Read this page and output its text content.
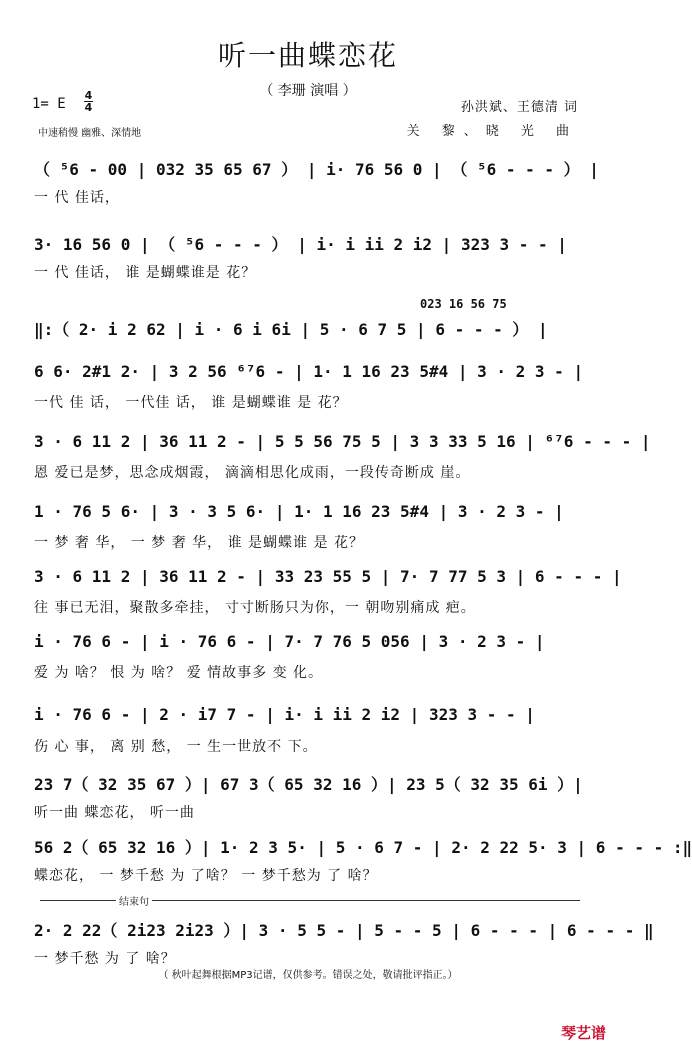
听一曲蝶恋花
（ 李珊 演唱 ）
1= E
4
4
中速稍慢 幽雅、深情地
孙洪斌、王德清 词
关 黎、晓 光 曲
（ ⁵6 - 00 | 032 35 65 67 ） | i· 76 56 0 | （ ⁵6 - - - ） |
一 代 佳话，
3· 16 56 0 | （ ⁵6 - - - ） | i· i ii 2 i2 | 323 3 - - |
一 代 佳话， 谁 是蝴蝶谁是 花？
023 16 56 75
‖:（ 2· i 2 62 | i · 6 i 6i | 5 · 6 7 5 | 6 - - - ） |
6 6· 2#1 2· | 3 2 56 ⁶⁷6 - | 1· 1 16 23 5#4 | 3 · 2 3 - |
一代 佳 话， 一代佳 话， 谁 是蝴蝶谁 是 花？
3 · 6 11 2 | 36 11 2 - | 5 5 56 75 5 | 3 3 33 5 16 | ⁶⁷6 - - - |
恩 爱已是梦，思念成烟霞， 滴滴相思化成雨，一段传奇断成 崖。
1 · 76 5 6· | 3 · 3 5 6· | 1· 1 16 23 5#4 | 3 · 2 3 - |
一 梦 奢 华， 一 梦 奢 华， 谁 是蝴蝶谁 是 花？
3 · 6 11 2 | 36 11 2 - | 33 23 55 5 | 7· 7 77 5 3 | 6 - - - |
往 事已无泪，聚散多牵挂， 寸寸断肠只为你，一 朝吻别痛成 疤。
i · 76 6 - | i · 76 6 - | 7· 7 76 5 056 | 3 · 2 3 - |
爱 为 啥？ 恨 为 啥？ 爱 情故事多 变 化。
i · 76 6 - | 2 · i7 7 - | i· i ii 2 i2 | 323 3 - - |
伤 心 事， 离 别 愁， 一 生一世放不 下。
23 7（ 32 35 67 ）| 67 3（ 65 32 16 ）| 23 5（ 32 35 6i ）|
听一曲 蝶恋花， 听一曲
56 2（ 65 32 16 ）| 1· 2 3 5· | 5 · 6 7 - | 2· 2 22 5· 3 | 6 - - - :‖
蝶恋花， 一 梦千愁 为 了啥？ 一 梦千愁为 了 啥？
2· 2 22（ 2i23 2i23 ）| 3 · 5 5 - | 5 - - 5 | 6 - - - | 6 - - - ‖
一 梦千愁 为 了 啥？
结束句
（ 秋叶起舞根据MP3记谱，仅供参考。错误之处，敬请批评指正。）
琴艺谱
